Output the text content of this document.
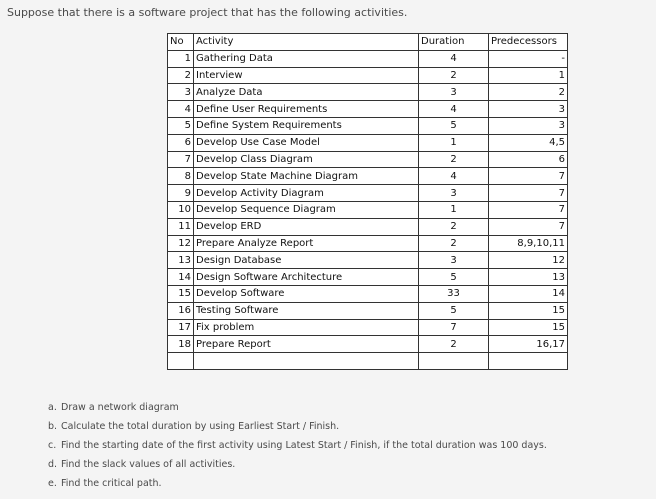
Suppose that there is a software project that has the following activities.
No	Activity	Duration	Predecessors
1	Gathering Data	4	-
2	Interview	2	1
3	Analyze Data	3	2
4	Define User Requirements	4	3
5	Define System Requirements	5	3
6	Develop Use Case Model	1	4,5
7	Develop Class Diagram	2	6
8	Develop State Machine Diagram	4	7
9	Develop Activity Diagram	3	7
10	Develop Sequence Diagram	1	7
11	Develop ERD	2	7
12	Prepare Analyze Report	2	8,9,10,11
13	Design Database	3	12
14	Design Software Architecture	5	13
15	Develop Software	33	14
16	Testing Software	5	15
17	Fix problem	7	15
18	Prepare Report	2	16,17

a. Draw a network diagram
b. Calculate the total duration by using Earliest Start / Finish.
c. Find the starting date of the first activity using Latest Start / Finish, if the total duration was 100 days.
d. Find the slack values of all activities.
e. Find the critical path.
